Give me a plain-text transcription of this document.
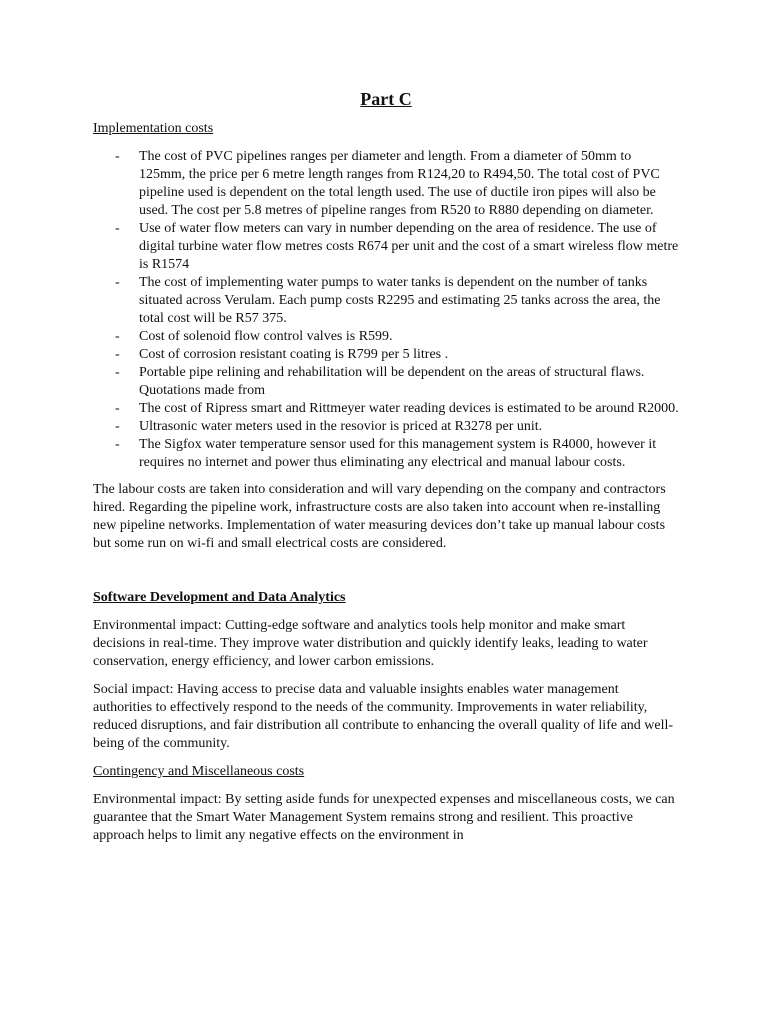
Part C
Implementation costs
- The cost of PVC pipelines ranges per diameter and length. From a diameter of 50mm to 125mm, the price per 6 metre length ranges from R124,20 to R494,50. The total cost of PVC pipeline used is dependent on the total length used. The use of ductile iron pipes will also be used. The cost per 5.8 metres of pipeline ranges from R520 to R880 depending on diameter.
- Use of water flow meters can vary in number depending on the area of residence. The use of digital turbine water flow metres costs R674 per unit and the cost of a smart wireless flow metre is R1574
- The cost of implementing water pumps to water tanks is dependent on the number of tanks situated across Verulam. Each pump costs R2295 and estimating 25 tanks across the area, the total cost will be R57 375.
- Cost of solenoid flow control valves is R599.
- Cost of corrosion resistant coating is R799 per 5 litres .
- Portable pipe relining and rehabilitation will be dependent on the areas of structural flaws. Quotations made from
- The cost of Ripress smart and Rittmeyer water reading devices is estimated to be around R2000.
- Ultrasonic water meters used in the resovior is priced at R3278 per unit.
- The Sigfox water temperature sensor used for this management system is R4000, however it requires no internet and power thus eliminating any electrical and manual labour costs.

The labour costs are taken into consideration and will vary depending on the company and contractors hired. Regarding the pipeline work, infrastructure costs are also taken into account when re-installing new pipeline networks. Implementation of water measuring devices don’t take up manual labour costs but some run on wi-fi and small electrical costs are considered.

Software Development and Data Analytics

Environmental impact: Cutting-edge software and analytics tools help monitor and make smart decisions in real-time. They improve water distribution and quickly identify leaks, leading to water conservation, energy efficiency, and lower carbon emissions.

Social impact: Having access to precise data and valuable insights enables water management authorities to effectively respond to the needs of the community. Improvements in water reliability, reduced disruptions, and fair distribution all contribute to enhancing the overall quality of life and well-being of the community.

Contingency and Miscellaneous costs

Environmental impact: By setting aside funds for unexpected expenses and miscellaneous costs, we can guarantee that the Smart Water Management System remains strong and resilient. This proactive approach helps to limit any negative effects on the environment in
